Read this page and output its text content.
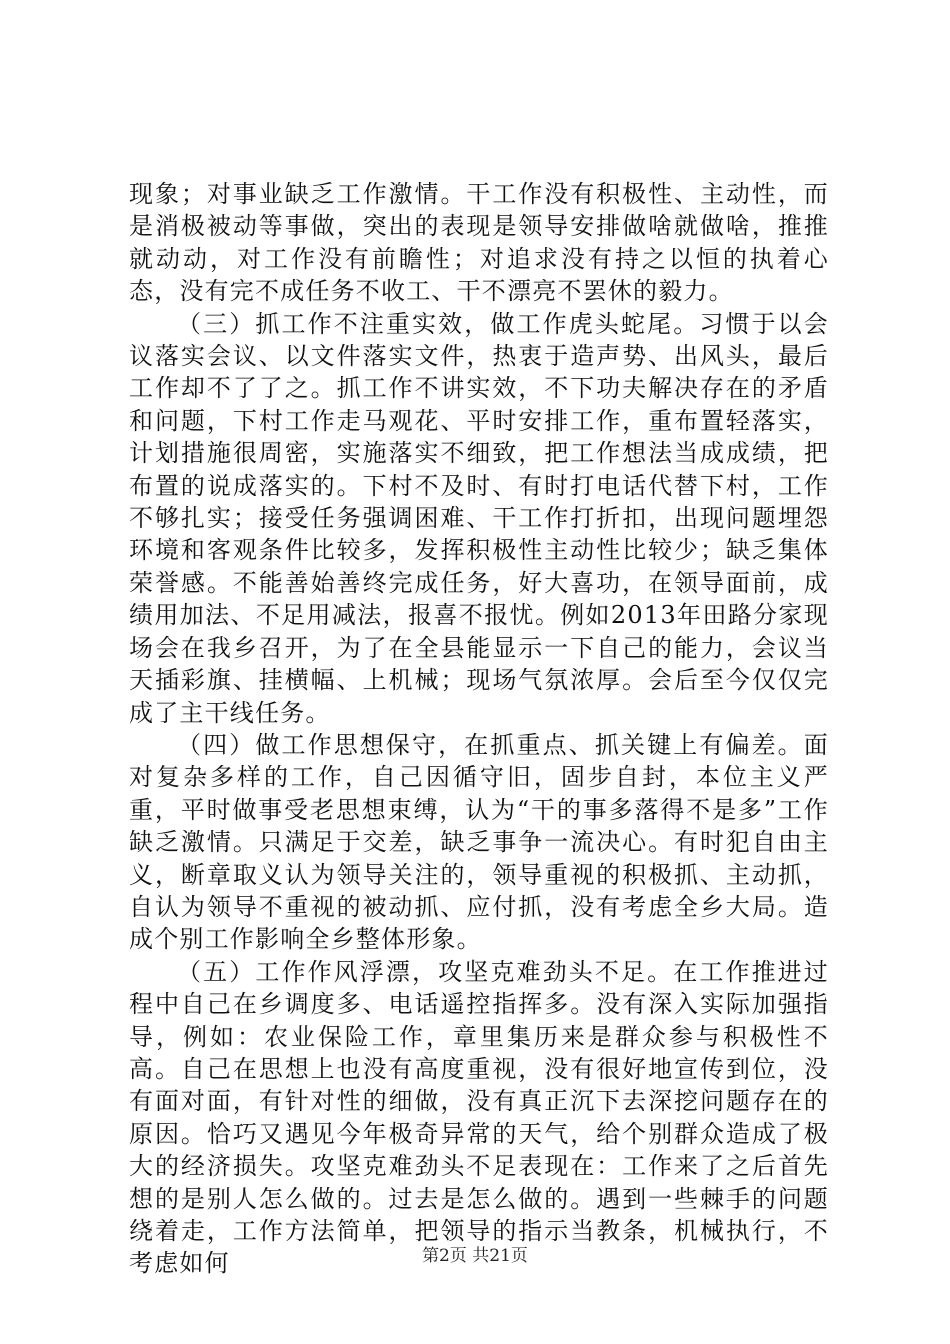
现象；对事业缺乏工作激情。干工作没有积极性、主动性，而是消极被动等事做，突出的表现是领导安排做啥就做啥，推推就动动，对工作没有前瞻性；对追求没有持之以恒的执着心态，没有完不成任务不收工、干不漂亮不罢休的毅力。

（三）抓工作不注重实效，做工作虎头蛇尾。习惯于以会议落实会议、以文件落实文件，热衷于造声势、出风头，最后工作却不了了之。抓工作不讲实效，不下功夫解决存在的矛盾和问题，下村工作走马观花、平时安排工作，重布置轻落实，计划措施很周密，实施落实不细致，把工作想法当成成绩，把布置的说成落实的。下村不及时、有时打电话代替下村，工作不够扎实；接受任务强调困难、干工作打折扣，出现问题埋怨环境和客观条件比较多，发挥积极性主动性比较少；缺乏集体荣誉感。不能善始善终完成任务，好大喜功，在领导面前，成绩用加法、不足用减法，报喜不报忧。例如2013年田路分家现场会在我乡召开，为了在全县能显示一下自己的能力，会议当天插彩旗、挂横幅、上机械；现场气氛浓厚。会后至今仅仅完成了主干线任务。

（四）做工作思想保守，在抓重点、抓关键上有偏差。面对复杂多样的工作，自己因循守旧，固步自封，本位主义严重，平时做事受老思想束缚，认为“干的事多落得不是多”工作缺乏激情。只满足于交差，缺乏事争一流决心。有时犯自由主义，断章取义认为领导关注的，领导重视的积极抓、主动抓，自认为领导不重视的被动抓、应付抓，没有考虑全乡大局。造成个别工作影响全乡整体形象。

（五）工作作风浮漂，攻坚克难劲头不足。在工作推进过程中自己在乡调度多、电话遥控指挥多。没有深入实际加强指导，例如：农业保险工作，章里集历来是群众参与积极性不高。自己在思想上也没有高度重视，没有很好地宣传到位，没有面对面，有针对性的细做，没有真正沉下去深挖问题存在的原因。恰巧又遇见今年极奇异常的天气，给个别群众造成了极大的经济损失。攻坚克难劲头不足表现在：工作来了之后首先想的是别人怎么做的。过去是怎么做的。遇到一些棘手的问题绕着走，工作方法简单，把领导的指示当教条，机械执行，不考虑如何	第2页 共21页
